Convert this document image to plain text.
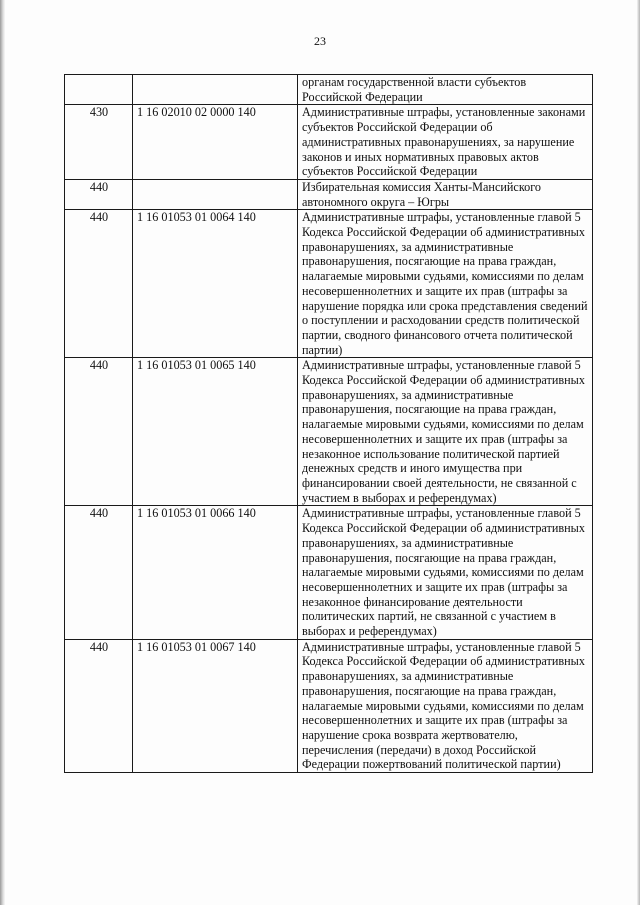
23
		органам государственной власти субъектов Российской Федерации
430	1 16 02010 02 0000 140	Административные штрафы, установленные законами субъектов Российской Федерации об административных правонарушениях, за нарушение законов и иных нормативных правовых актов субъектов Российской Федерации
440		Избирательная комиссия Ханты-Мансийского автономного округа – Югры
440	1 16 01053 01 0064 140	Административные штрафы, установленные главой 5 Кодекса Российской Федерации об административных правонарушениях, за административные правонарушения, посягающие на права граждан, налагаемые мировыми судьями, комиссиями по делам несовершеннолетних и защите их прав (штрафы за нарушение порядка или срока представления сведений о поступлении и расходовании средств политической партии, сводного финансового отчета политической партии)
440	1 16 01053 01 0065 140	Административные штрафы, установленные главой 5 Кодекса Российской Федерации об административных правонарушениях, за административные правонарушения, посягающие на права граждан, налагаемые мировыми судьями, комиссиями по делам несовершеннолетних и защите их прав (штрафы за незаконное использование политической партией денежных средств и иного имущества при финансировании своей деятельности, не связанной с участием в выборах и референдумах)
440	1 16 01053 01 0066 140	Административные штрафы, установленные главой 5 Кодекса Российской Федерации об административных правонарушениях, за административные правонарушения, посягающие на права граждан, налагаемые мировыми судьями, комиссиями по делам несовершеннолетних и защите их прав (штрафы за незаконное финансирование деятельности политических партий, не связанной с участием в выборах и референдумах)
440	1 16 01053 01 0067 140	Административные штрафы, установленные главой 5 Кодекса Российской Федерации об административных правонарушениях, за административные правонарушения, посягающие на права граждан, налагаемые мировыми судьями, комиссиями по делам несовершеннолетних и защите их прав (штрафы за нарушение срока возврата жертвователю, перечисления (передачи) в доход Российской Федерации пожертвований политической партии)
